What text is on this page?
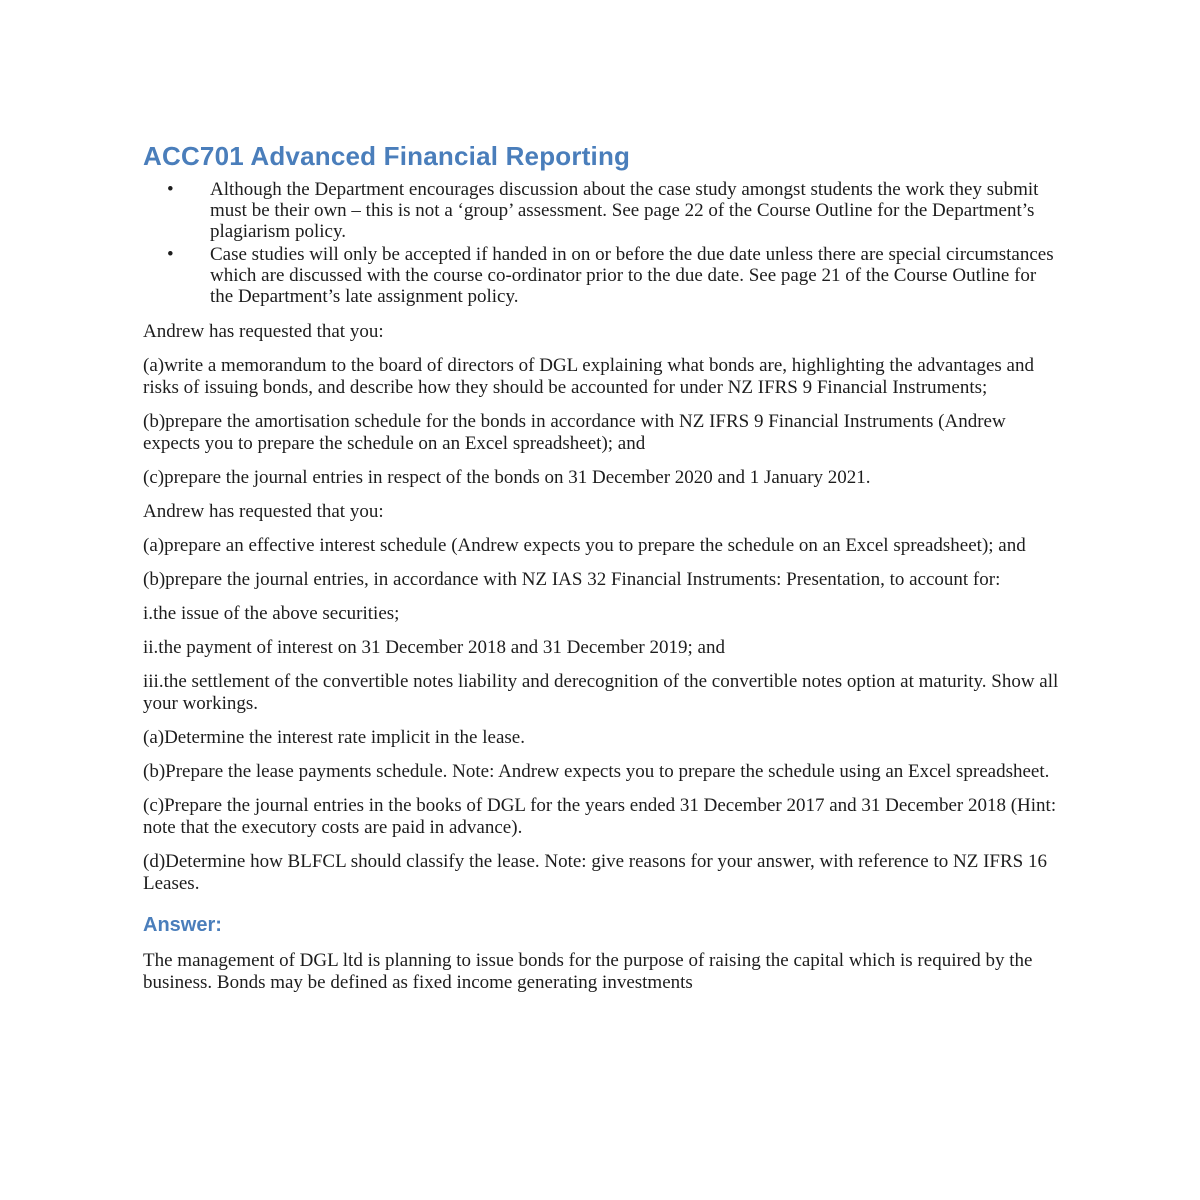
ACC701 Advanced Financial Reporting
• Although the Department encourages discussion about the case study amongst students the work they submit must be their own – this is not a ‘group’ assessment. See page 22 of the Course Outline for the Department’s plagiarism policy.
• Case studies will only be accepted if handed in on or before the due date unless there are special circumstances which are discussed with the course co-ordinator prior to the due date. See page 21 of the Course Outline for the Department’s late assignment policy.

Andrew has requested that you:

(a)write a memorandum to the board of directors of DGL explaining what bonds are, highlighting the advantages and risks of issuing bonds, and describe how they should be accounted for under NZ IFRS 9 Financial Instruments;

(b)prepare the amortisation schedule for the bonds in accordance with NZ IFRS 9 Financial Instruments (Andrew expects you to prepare the schedule on an Excel spreadsheet); and

(c)prepare the journal entries in respect of the bonds on 31 December 2020 and 1 January 2021.

Andrew has requested that you:

(a)prepare an effective interest schedule (Andrew expects you to prepare the schedule on an Excel spreadsheet); and

(b)prepare the journal entries, in accordance with NZ IAS 32 Financial Instruments: Presentation, to account for:

i.the issue of the above securities;

ii.the payment of interest on 31 December 2018 and 31 December 2019; and

iii.the settlement of the convertible notes liability and derecognition of the convertible notes option at maturity. Show all your workings.

(a)Determine the interest rate implicit in the lease.

(b)Prepare the lease payments schedule. Note: Andrew expects you to prepare the schedule using an Excel spreadsheet.

(c)Prepare the journal entries in the books of DGL for the years ended 31 December 2017 and 31 December 2018 (Hint: note that the executory costs are paid in advance).

(d)Determine how BLFCL should classify the lease. Note: give reasons for your answer, with reference to NZ IFRS 16 Leases.

Answer:

The management of DGL ltd is planning to issue bonds for the purpose of raising the capital which is required by the business. Bonds may be defined as fixed income generating investments
